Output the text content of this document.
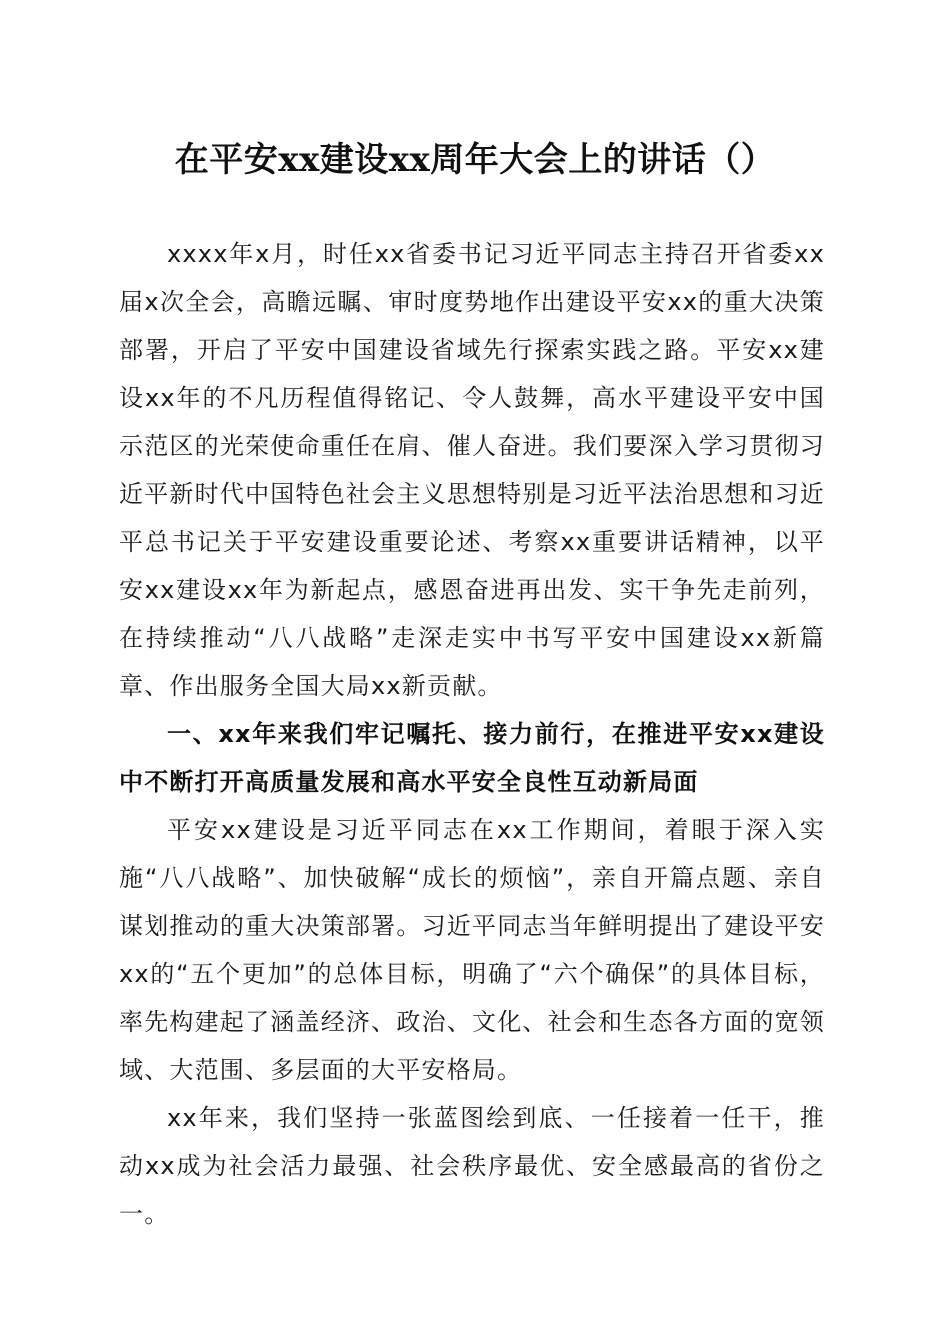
在平安xx建设xx周年大会上的讲话（）

xxxx年x月，时任xx省委书记习近平同志主持召开省委xx届x次全会，高瞻远瞩、审时度势地作出建设平安xx的重大决策部署，开启了平安中国建设省域先行探索实践之路。平安xx建设xx年的不凡历程值得铭记、令人鼓舞，高水平建设平安中国示范区的光荣使命重任在肩、催人奋进。我们要深入学习贯彻习近平新时代中国特色社会主义思想特别是习近平法治思想和习近平总书记关于平安建设重要论述、考察xx重要讲话精神，以平安xx建设xx年为新起点，感恩奋进再出发、实干争先走前列，在持续推动“八八战略”走深走实中书写平安中国建设xx新篇章、作出服务全国大局xx新贡献。

一、xx年来我们牢记嘱托、接力前行，在推进平安xx建设中不断打开高质量发展和高水平安全良性互动新局面

平安xx建设是习近平同志在xx工作期间，着眼于深入实施“八八战略”、加快破解“成长的烦恼”，亲自开篇点题、亲自谋划推动的重大决策部署。习近平同志当年鲜明提出了建设平安xx的“五个更加”的总体目标，明确了“六个确保”的具体目标，率先构建起了涵盖经济、政治、文化、社会和生态各方面的宽领域、大范围、多层面的大平安格局。

xx年来，我们坚持一张蓝图绘到底、一任接着一任干，推动xx成为社会活力最强、社会秩序最优、安全感最高的省份之一。
